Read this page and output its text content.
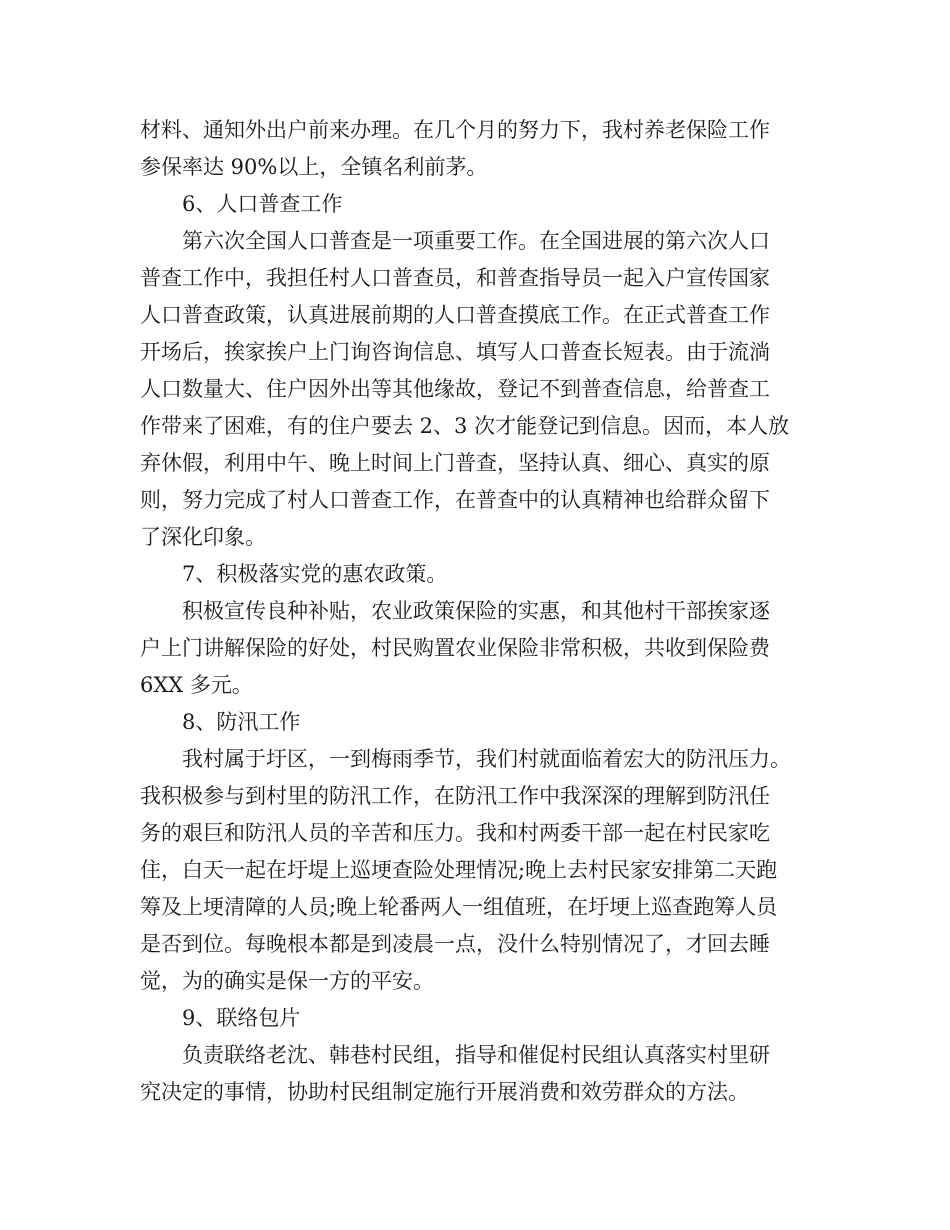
材料、通知外出户前来办理。在几个月的努力下，我村养老保险工作
参保率达 90%以上，全镇名利前茅。
6、人口普查工作
第六次全国人口普查是一项重要工作。在全国进展的第六次人口
普查工作中，我担任村人口普查员，和普查指导员一起入户宣传国家
人口普查政策，认真进展前期的人口普查摸底工作。在正式普查工作
开场后，挨家挨户上门询咨询信息、填写人口普查长短表。由于流淌
人口数量大、住户因外出等其他缘故，登记不到普查信息，给普查工
作带来了困难，有的住户要去 2、3 次才能登记到信息。因而，本人放
弃休假，利用中午、晚上时间上门普查，坚持认真、细心、真实的原
则，努力完成了村人口普查工作，在普查中的认真精神也给群众留下
了深化印象。
7、积极落实党的惠农政策。
积极宣传良种补贴，农业政策保险的实惠，和其他村干部挨家逐
户上门讲解保险的好处，村民购置农业保险非常积极，共收到保险费
6XX 多元。
8、防汛工作
我村属于圩区，一到梅雨季节，我们村就面临着宏大的防汛压力。
我积极参与到村里的防汛工作，在防汛工作中我深深的理解到防汛任
务的艰巨和防汛人员的辛苦和压力。我和村两委干部一起在村民家吃
住，白天一起在圩堤上巡埂查险处理情况;晚上去村民家安排第二天跑
筹及上埂清障的人员;晚上轮番两人一组值班，在圩埂上巡查跑筹人员
是否到位。每晚根本都是到凌晨一点，没什么特别情况了，才回去睡
觉，为的确实是保一方的平安。
9、联络包片
负责联络老沈、韩巷村民组，指导和催促村民组认真落实村里研
究决定的事情，协助村民组制定施行开展消费和效劳群众的方法。
